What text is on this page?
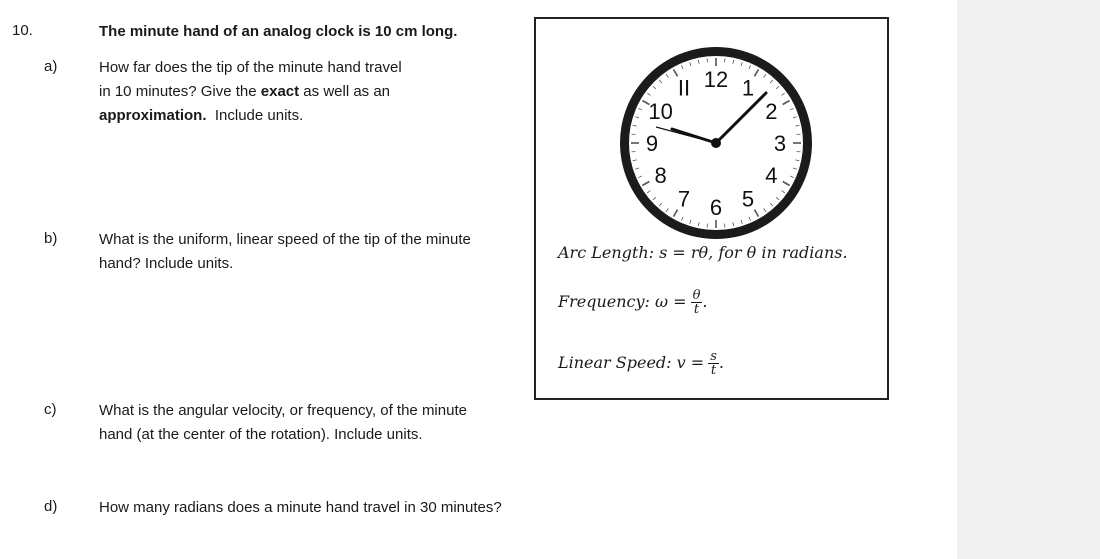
10.	The minute hand of an analog clock is 10 cm long.
a)	How far does the tip of the minute hand travel
in 10 minutes? Give the exact as well as an
approximation.  Include units.
b)	What is the uniform, linear speed of the tip of the minute
hand? Include units.
c)	What is the angular velocity, or frequency, of the minute
hand (at the center of the rotation). Include units.
d)	How many radians does a minute hand travel in 30 minutes?
12 1
2
3
4
5
6
7
8
9
10
II
Arc Length: s = rθ, for θ in radians.
Frequency: $\omega = \frac{\theta}{t}$ .
Linear Speed: $v = \frac{s}{t}$ .
